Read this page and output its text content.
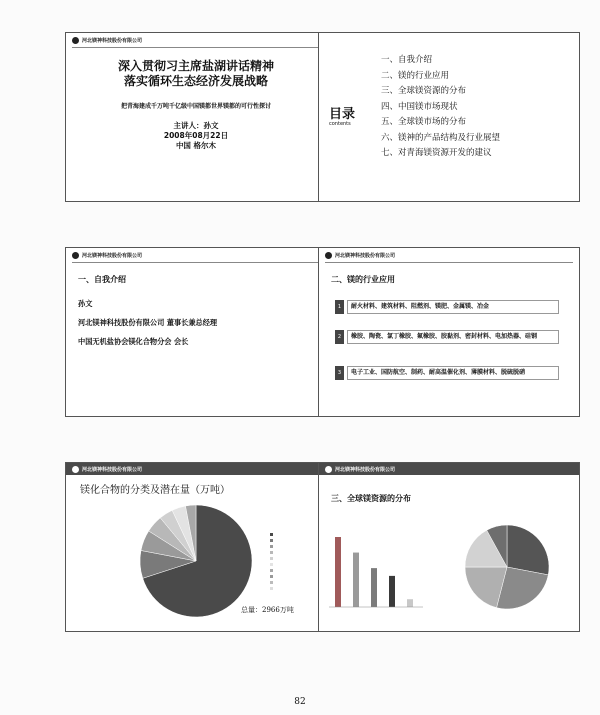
河北镁神科技股份有限公司
深入贯彻习主席盐湖讲话精神
落实循环生态经济发展战略
把青海建成千万吨千亿级中国镁都世界镁都的可行性探讨
主讲人：孙文
2008年08月22日
中国 格尔木
目录
contents
一、自我介绍
二、镁的行业应用
三、全球镁资源的分布
四、中国镁市场现状
五、全球镁市场的分布
六、镁神的产品结构及行业展望
七、对青海镁资源开发的建议
河北镁神科技股份有限公司
一、自我介绍
孙文
河北镁神科技股份有限公司 董事长兼总经理
中国无机盐协会镁化合物分会 会长
河北镁神科技股份有限公司
二、镁的行业应用
1	耐火材料、建筑材料、阻燃剂、镁肥、金属镁、冶金
2	橡胶、陶瓷、氯丁橡胶、氟橡胶、胶黏剂、密封材料、电加热器、硅钢
3	电子工业、国防航空、制药、耐高温催化剂、薄膜材料、脱硫脱硝
河北镁神科技股份有限公司
镁化合物的分类及潜在量（万吨）
总量：2966万吨
河北镁神科技股份有限公司
三、全球镁资源的分布
82
